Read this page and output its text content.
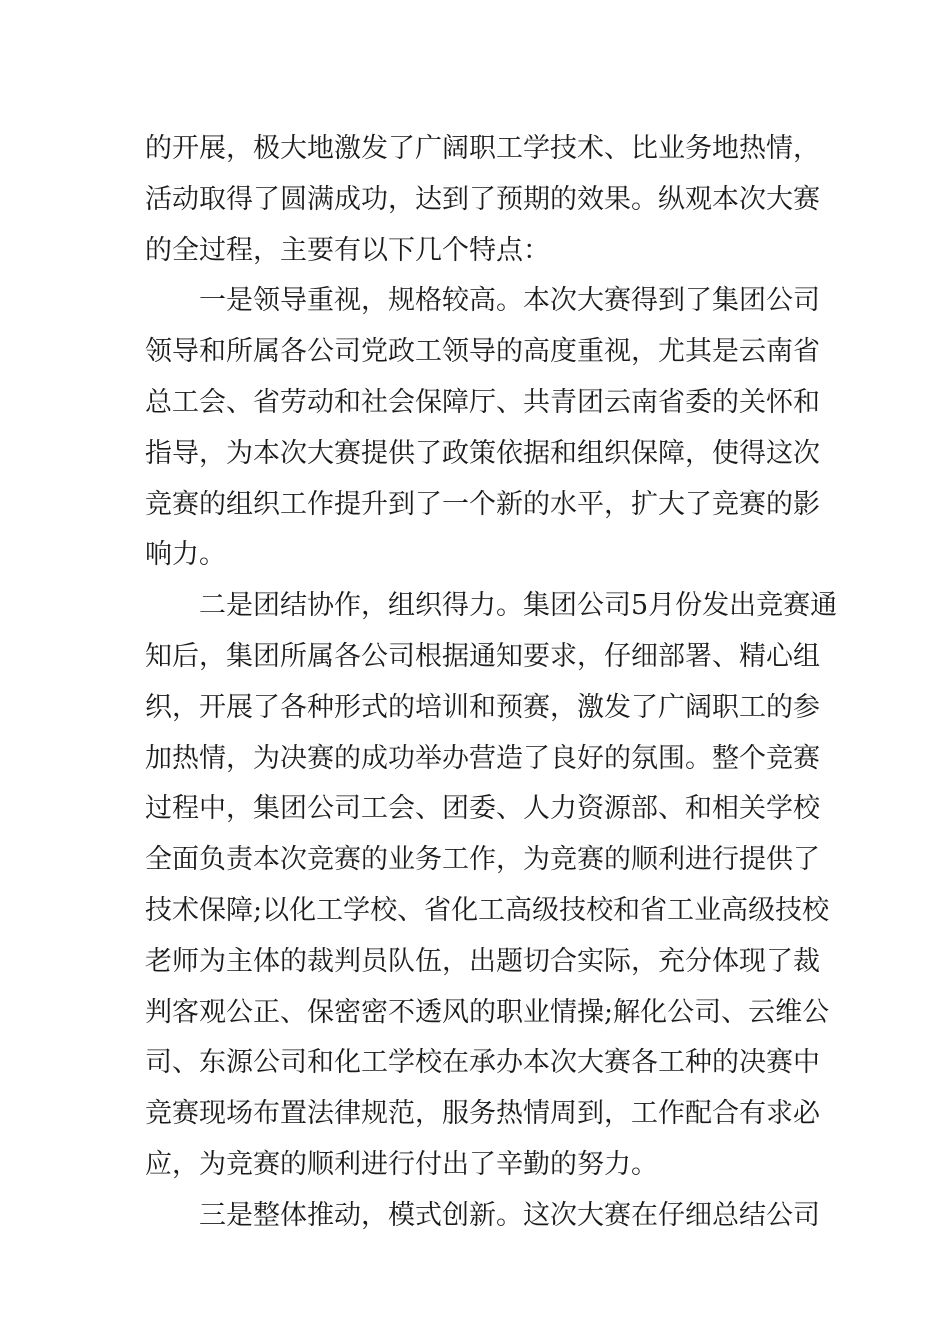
的开展，极大地激发了广阔职工学技术、比业务地热情，
活动取得了圆满成功，达到了预期的效果。纵观本次大赛
的全过程，主要有以下几个特点：
一是领导重视，规格较高。本次大赛得到了集团公司
领导和所属各公司党政工领导的高度重视，尤其是云南省
总工会、省劳动和社会保障厅、共青团云南省委的关怀和
指导，为本次大赛提供了政策依据和组织保障，使得这次
竞赛的组织工作提升到了一个新的水平，扩大了竞赛的影
响力。
二是团结协作，组织得力。集团公司5月份发出竞赛通
知后，集团所属各公司根据通知要求，仔细部署、精心组
织，开展了各种形式的培训和预赛，激发了广阔职工的参
加热情，为决赛的成功举办营造了良好的氛围。整个竞赛
过程中，集团公司工会、团委、人力资源部、和相关学校
全面负责本次竞赛的业务工作，为竞赛的顺利进行提供了
技术保障;以化工学校、省化工高级技校和省工业高级技校
老师为主体的裁判员队伍，出题切合实际，充分体现了裁
判客观公正、保密密不透风的职业情操;解化公司、云维公
司、东源公司和化工学校在承办本次大赛各工种的决赛中
竞赛现场布置法律规范，服务热情周到，工作配合有求必
应，为竞赛的顺利进行付出了辛勤的努力。
三是整体推动，模式创新。这次大赛在仔细总结公司
